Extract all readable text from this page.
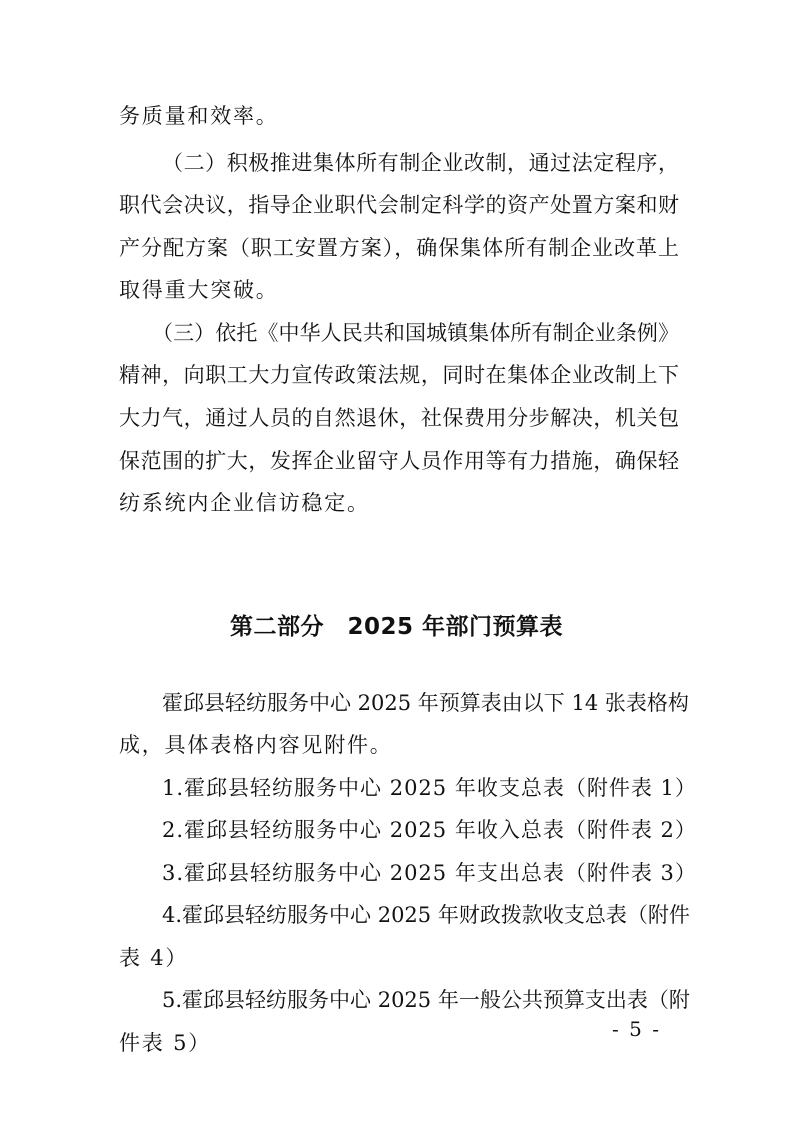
务质量和效率。
（二）积极推进集体所有制企业改制，通过法定程序，
职代会决议，指导企业职代会制定科学的资产处置方案和财
产分配方案（职工安置方案），确保集体所有制企业改革上
取得重大突破。
（三）依托《中华人民共和国城镇集体所有制企业条例》
精神，向职工大力宣传政策法规，同时在集体企业改制上下
大力气，通过人员的自然退休，社保费用分步解决，机关包
保范围的扩大，发挥企业留守人员作用等有力措施，确保轻
纺系统内企业信访稳定。
第二部分　2025 年部门预算表
霍邱县轻纺服务中心 2025 年预算表由以下 14 张表格构
成，具体表格内容见附件。
1.霍邱县轻纺服务中心 2025 年收支总表（附件表 1）
2.霍邱县轻纺服务中心 2025 年收入总表（附件表 2）
3.霍邱县轻纺服务中心 2025 年支出总表（附件表 3）
4.霍邱县轻纺服务中心 2025 年财政拨款收支总表（附件
表 4）
5.霍邱县轻纺服务中心 2025 年一般公共预算支出表（附
件表 5）
- 5 -
